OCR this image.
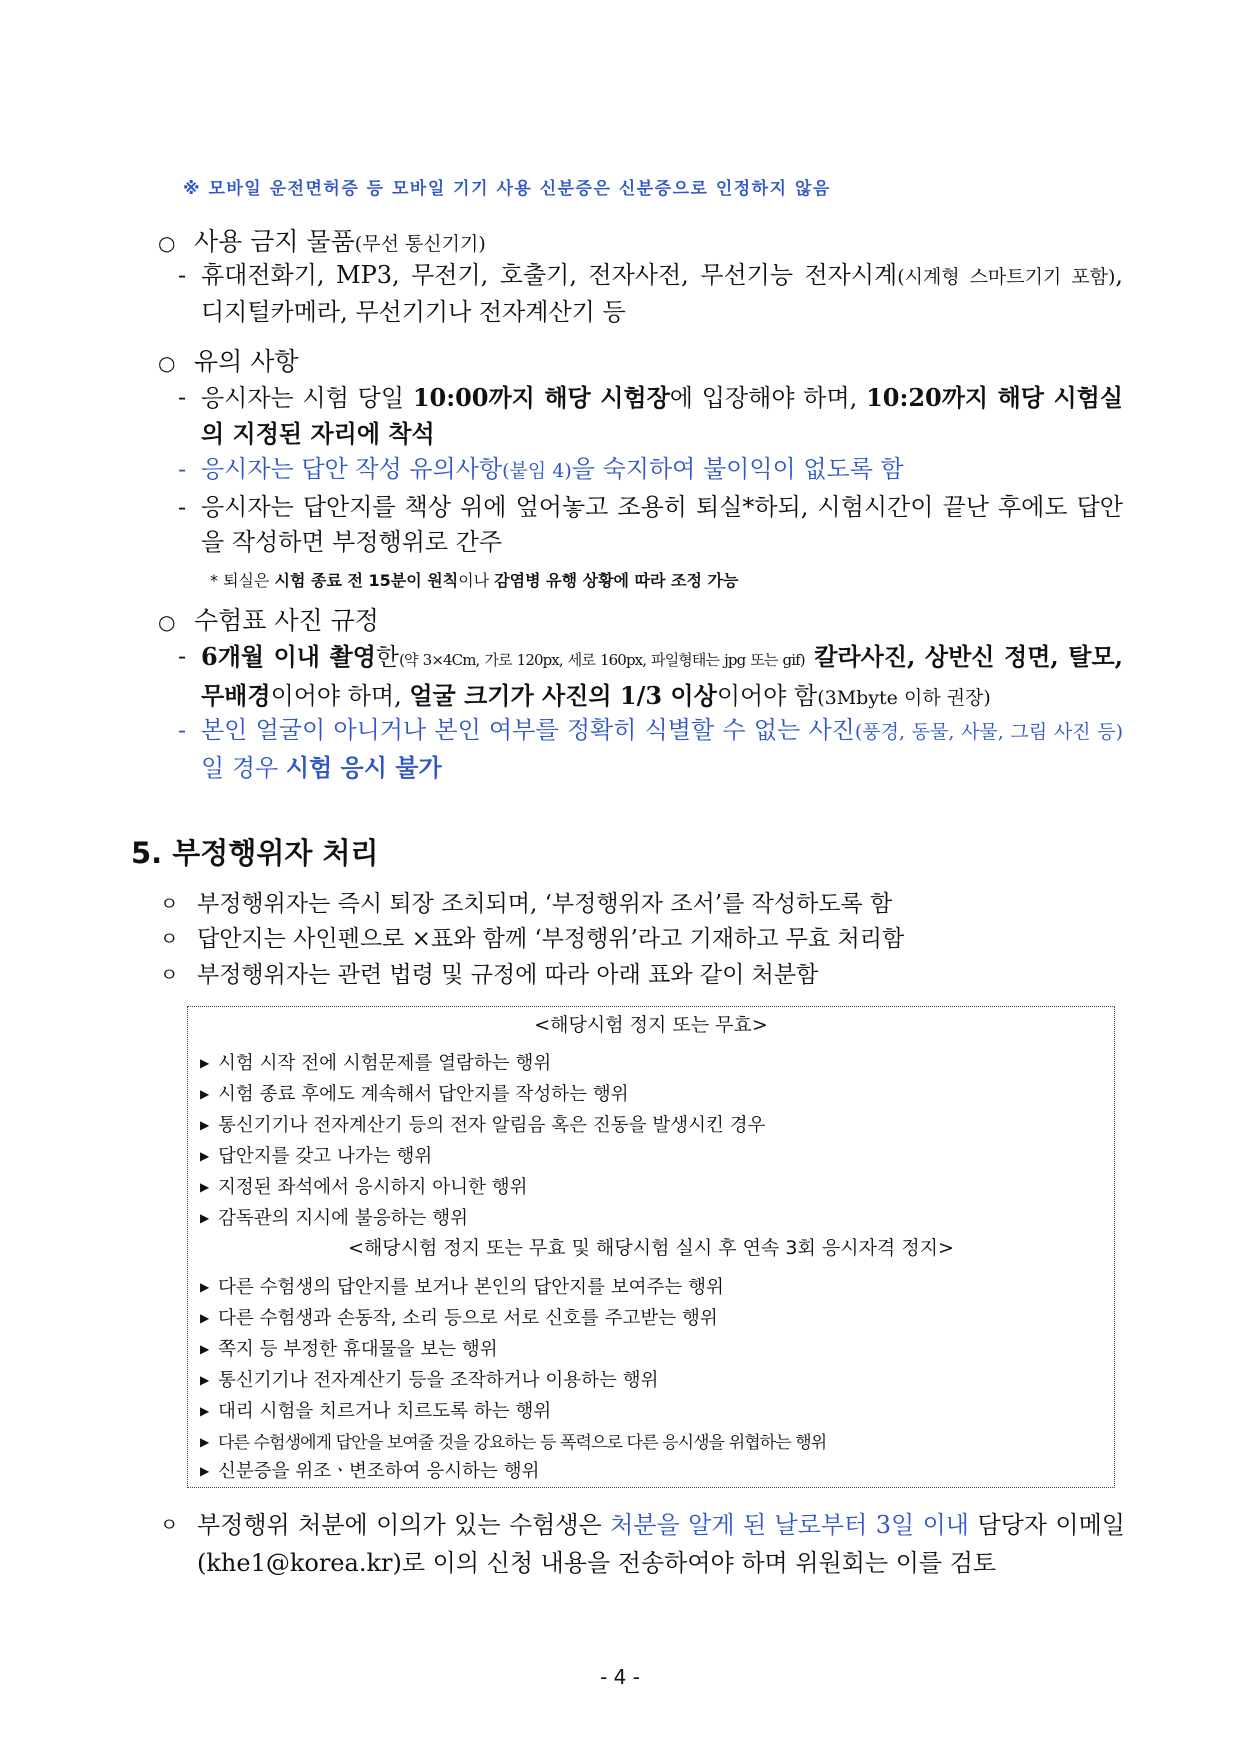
※ 모바일 운전면허증 등 모바일 기기 사용 신분증은 신분증으로 인정하지 않음
○ 사용 금지 물품(무선 통신기기)
- 휴대전화기, MP3, 무전기, 호출기, 전자사전, 무선기능 전자시계(시계형 스마트기기 포함), 디지털카메라, 무선기기나 전자계산기 등
○ 유의 사항
- 응시자는 시험 당일 10:00까지 해당 시험장에 입장해야 하며, 10:20까지 해당 시험실의 지정된 자리에 착석
- 응시자는 답안 작성 유의사항(붙임 4)을 숙지하여 불이익이 없도록 함
- 응시자는 답안지를 책상 위에 엎어놓고 조용히 퇴실*하되, 시험시간이 끝난 후에도 답안을 작성하면 부정행위로 간주
* 퇴실은 시험 종료 전 15분이 원칙이나 감염병 유행 상황에 따라 조정 가능
○ 수험표 사진 규정
- 6개월 이내 촬영한(약 3×4Cm, 가로 120px, 세로 160px, 파일형태는 jpg 또는 gif) 칼라사진, 상반신 정면, 탈모, 무배경이어야 하며, 얼굴 크기가 사진의 1/3 이상이어야 함(3Mbyte 이하 권장)
- 본인 얼굴이 아니거나 본인 여부를 정확히 식별할 수 없는 사진(풍경, 동물, 사물, 그림 사진 등)일 경우 시험 응시 불가
5. 부정행위자 처리
ㅇ 부정행위자는 즉시 퇴장 조치되며, ‘부정행위자 조서’를 작성하도록 함
ㅇ 답안지는 사인펜으로 ×표와 함께 ‘부정행위’라고 기재하고 무효 처리함
ㅇ 부정행위자는 관련 법령 및 규정에 따라 아래 표와 같이 처분함
<해당시험 정지 또는 무효>
▶ 시험 시작 전에 시험문제를 열람하는 행위
▶ 시험 종료 후에도 계속해서 답안지를 작성하는 행위
▶ 통신기기나 전자계산기 등의 전자 알림음 혹은 진동을 발생시킨 경우
▶ 답안지를 갖고 나가는 행위
▶ 지정된 좌석에서 응시하지 아니한 행위
▶ 감독관의 지시에 불응하는 행위
<해당시험 정지 또는 무효 및 해당시험 실시 후 연속 3회 응시자격 정지>
▶ 다른 수험생의 답안지를 보거나 본인의 답안지를 보여주는 행위
▶ 다른 수험생과 손동작, 소리 등으로 서로 신호를 주고받는 행위
▶ 쪽지 등 부정한 휴대물을 보는 행위
▶ 통신기기나 전자계산기 등을 조작하거나 이용하는 행위
▶ 대리 시험을 치르거나 치르도록 하는 행위
▶ 다른 수험생에게 답안을 보여줄 것을 강요하는 등 폭력으로 다른 응시생을 위협하는 행위
▶ 신분증을 위조ㆍ변조하여 응시하는 행위
ㅇ 부정행위 처분에 이의가 있는 수험생은 처분을 알게 된 날로부터 3일 이내 담당자 이메일(khe1@korea.kr)로 이의 신청 내용을 전송하여야 하며 위원회는 이를 검토
- 4 -
